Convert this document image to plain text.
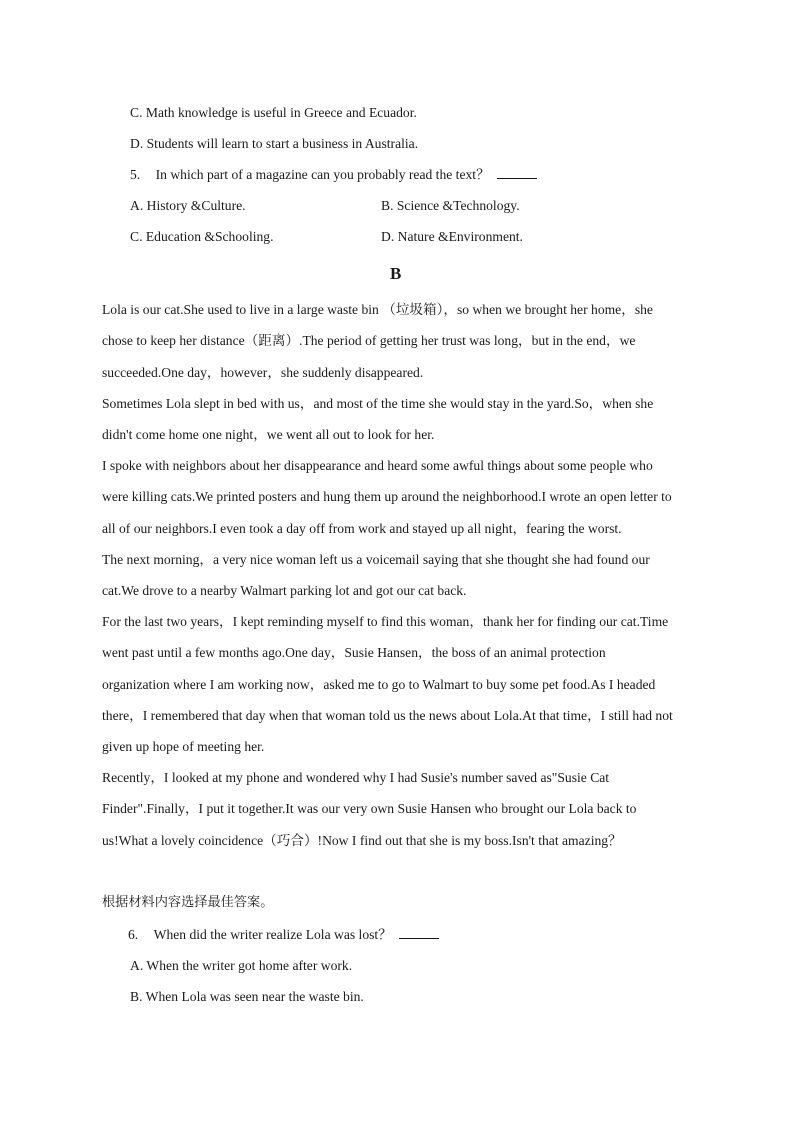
C. Math knowledge is useful in Greece and Ecuador.
D. Students will learn to start a business in Australia.
5. In which part of a magazine can you probably read the text？
A. History &Culture.	B. Science &Technology.
C. Education &Schooling.	D. Nature &Environment.
B
Lola is our cat.She used to live in a large waste bin （垃圾箱），so when we brought her home，she
chose to keep her distance（距离）.The period of getting her trust was long，but in the end，we
succeeded.One day，however，she suddenly disappeared.
Sometimes Lola slept in bed with us，and most of the time she would stay in the yard.So，when she
didn't come home one night，we went all out to look for her.
I spoke with neighbors about her disappearance and heard some awful things about some people who
were killing cats.We printed posters and hung them up around the neighborhood.I wrote an open letter to
all of our neighbors.I even took a day off from work and stayed up all night，fearing the worst.
The next morning，a very nice woman left us a voicemail saying that she thought she had found our
cat.We drove to a nearby Walmart parking lot and got our cat back.
For the last two years，I kept reminding myself to find this woman，thank her for finding our cat.Time
went past until a few months ago.One day，Susie Hansen，the boss of an animal protection
organization where I am working now，asked me to go to Walmart to buy some pet food.As I headed
there，I remembered that day when that woman told us the news about Lola.At that time，I still had not
given up hope of meeting her.
Recently，I looked at my phone and wondered why I had Susie's number saved as"Susie Cat
Finder".Finally，I put it together.It was our very own Susie Hansen who brought our Lola back to
us!What a lovely coincidence（巧合）!Now I find out that she is my boss.Isn't that amazing？
根据材料内容选择最佳答案。
6. When did the writer realize Lola was lost？
A. When the writer got home after work.
B. When Lola was seen near the waste bin.
